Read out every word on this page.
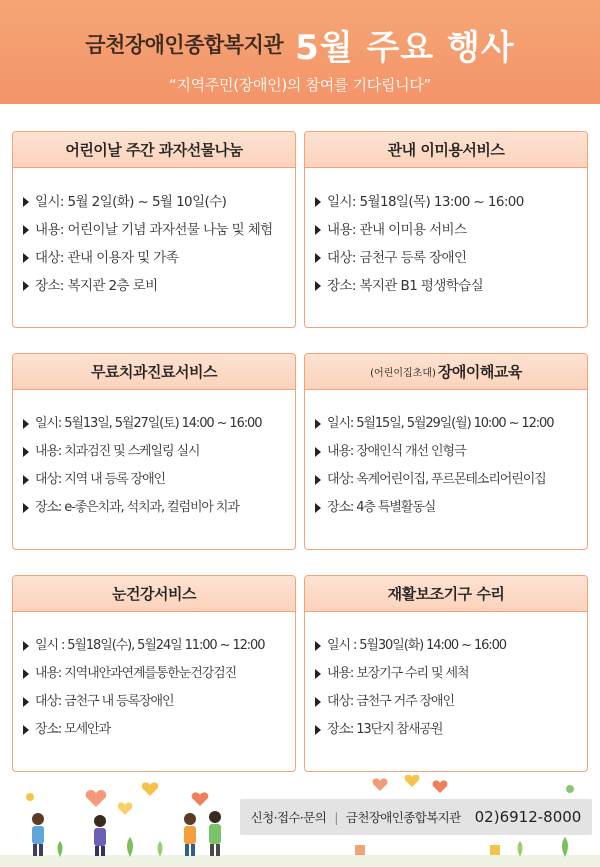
금천장애인종합복지관 5월 주요 행사
“지역주민(장애인)의 참여를 기다립니다”
어린이날 주간 과자선물나눔
일시: 5월 2일(화) ~ 5월 10일(수)
내용: 어린이날 기념 과자선물 나눔 및 체험
대상: 관내 이용자 및 가족
장소: 복지관 2층 로비
관내 이미용서비스
일시: 5월18일(목) 13:00 ~ 16:00
내용: 관내 이미용 서비스
대상: 금천구 등록 장애인
장소: 복지관 B1 평생학습실
무료치과진료서비스
일시: 5월13일, 5월27일(토) 14:00 ~ 16:00
내용: 치과검진 및 스케일링 실시
대상: 지역 내 등록 장애인
장소: e-좋은치과, 석치과, 컬럼비아 치과
(어린이집초대) 장애이해교육
일시: 5월15일, 5월29일(월) 10:00 ~ 12:00
내용: 장애인식 개선 인형극
대상: 옥계어린이집, 푸르몬테소리어린이집
장소: 4층 특별활동실
눈건강서비스
일시 : 5월18일(수), 5월24일 11:00 ~ 12:00
내용: 지역내안과연계를통한눈건강검진
대상: 금천구 내 등록장애인
장소: 모세안과
재활보조기구 수리
일시 : 5월30일(화) 14:00 ~ 16:00
내용: 보장기구 수리 및 세척
대상: 금천구 거주 장애인
장소: 13단지 참새공원
신청·접수·문의 | 금천장애인종합복지관 02)6912-8000
